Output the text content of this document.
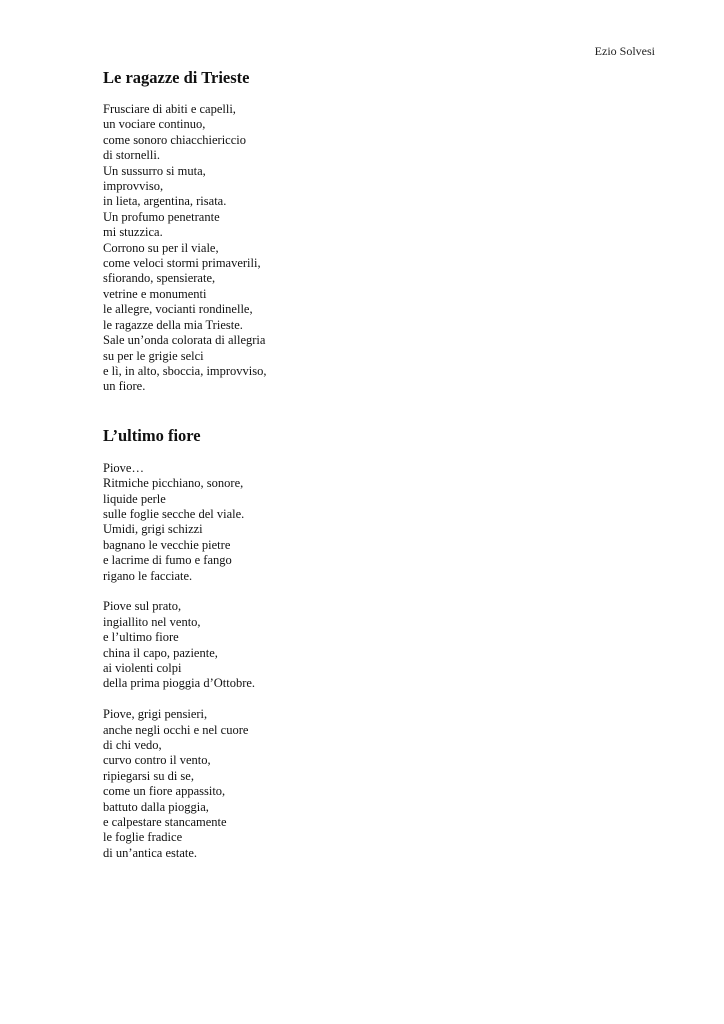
Ezio Solvesi
Le ragazze di Trieste
Frusciare di abiti e capelli,
un vociare continuo,
come sonoro chiacchiericcio
di stornelli.
Un sussurro si muta,
improvviso,
in lieta, argentina, risata.
Un profumo penetrante
mi stuzzica.
Corrono su per il viale,
come veloci stormi primaverili,
sfiorando, spensierate,
vetrine e monumenti
le allegre, vocianti rondinelle,
le ragazze della mia Trieste.
Sale un’onda colorata di allegria
su per le grigie selci
e lì, in alto, sboccia, improvviso,
un fiore.
L’ultimo fiore
Piove…
Ritmiche picchiano, sonore,
liquide perle
sulle foglie secche del viale.
Umidi, grigi schizzi
bagnano le vecchie pietre
e lacrime di fumo e fango
rigano le facciate.
Piove sul prato,
ingiallito nel vento,
e l’ultimo fiore
china il capo, paziente,
ai violenti colpi
della prima pioggia d’Ottobre.
Piove, grigi pensieri,
anche negli occhi e nel cuore
di chi vedo,
curvo contro il vento,
ripiegarsi su di se,
come un fiore appassito,
battuto dalla pioggia,
e calpestare stancamente
le foglie fradice
di un’antica estate.
